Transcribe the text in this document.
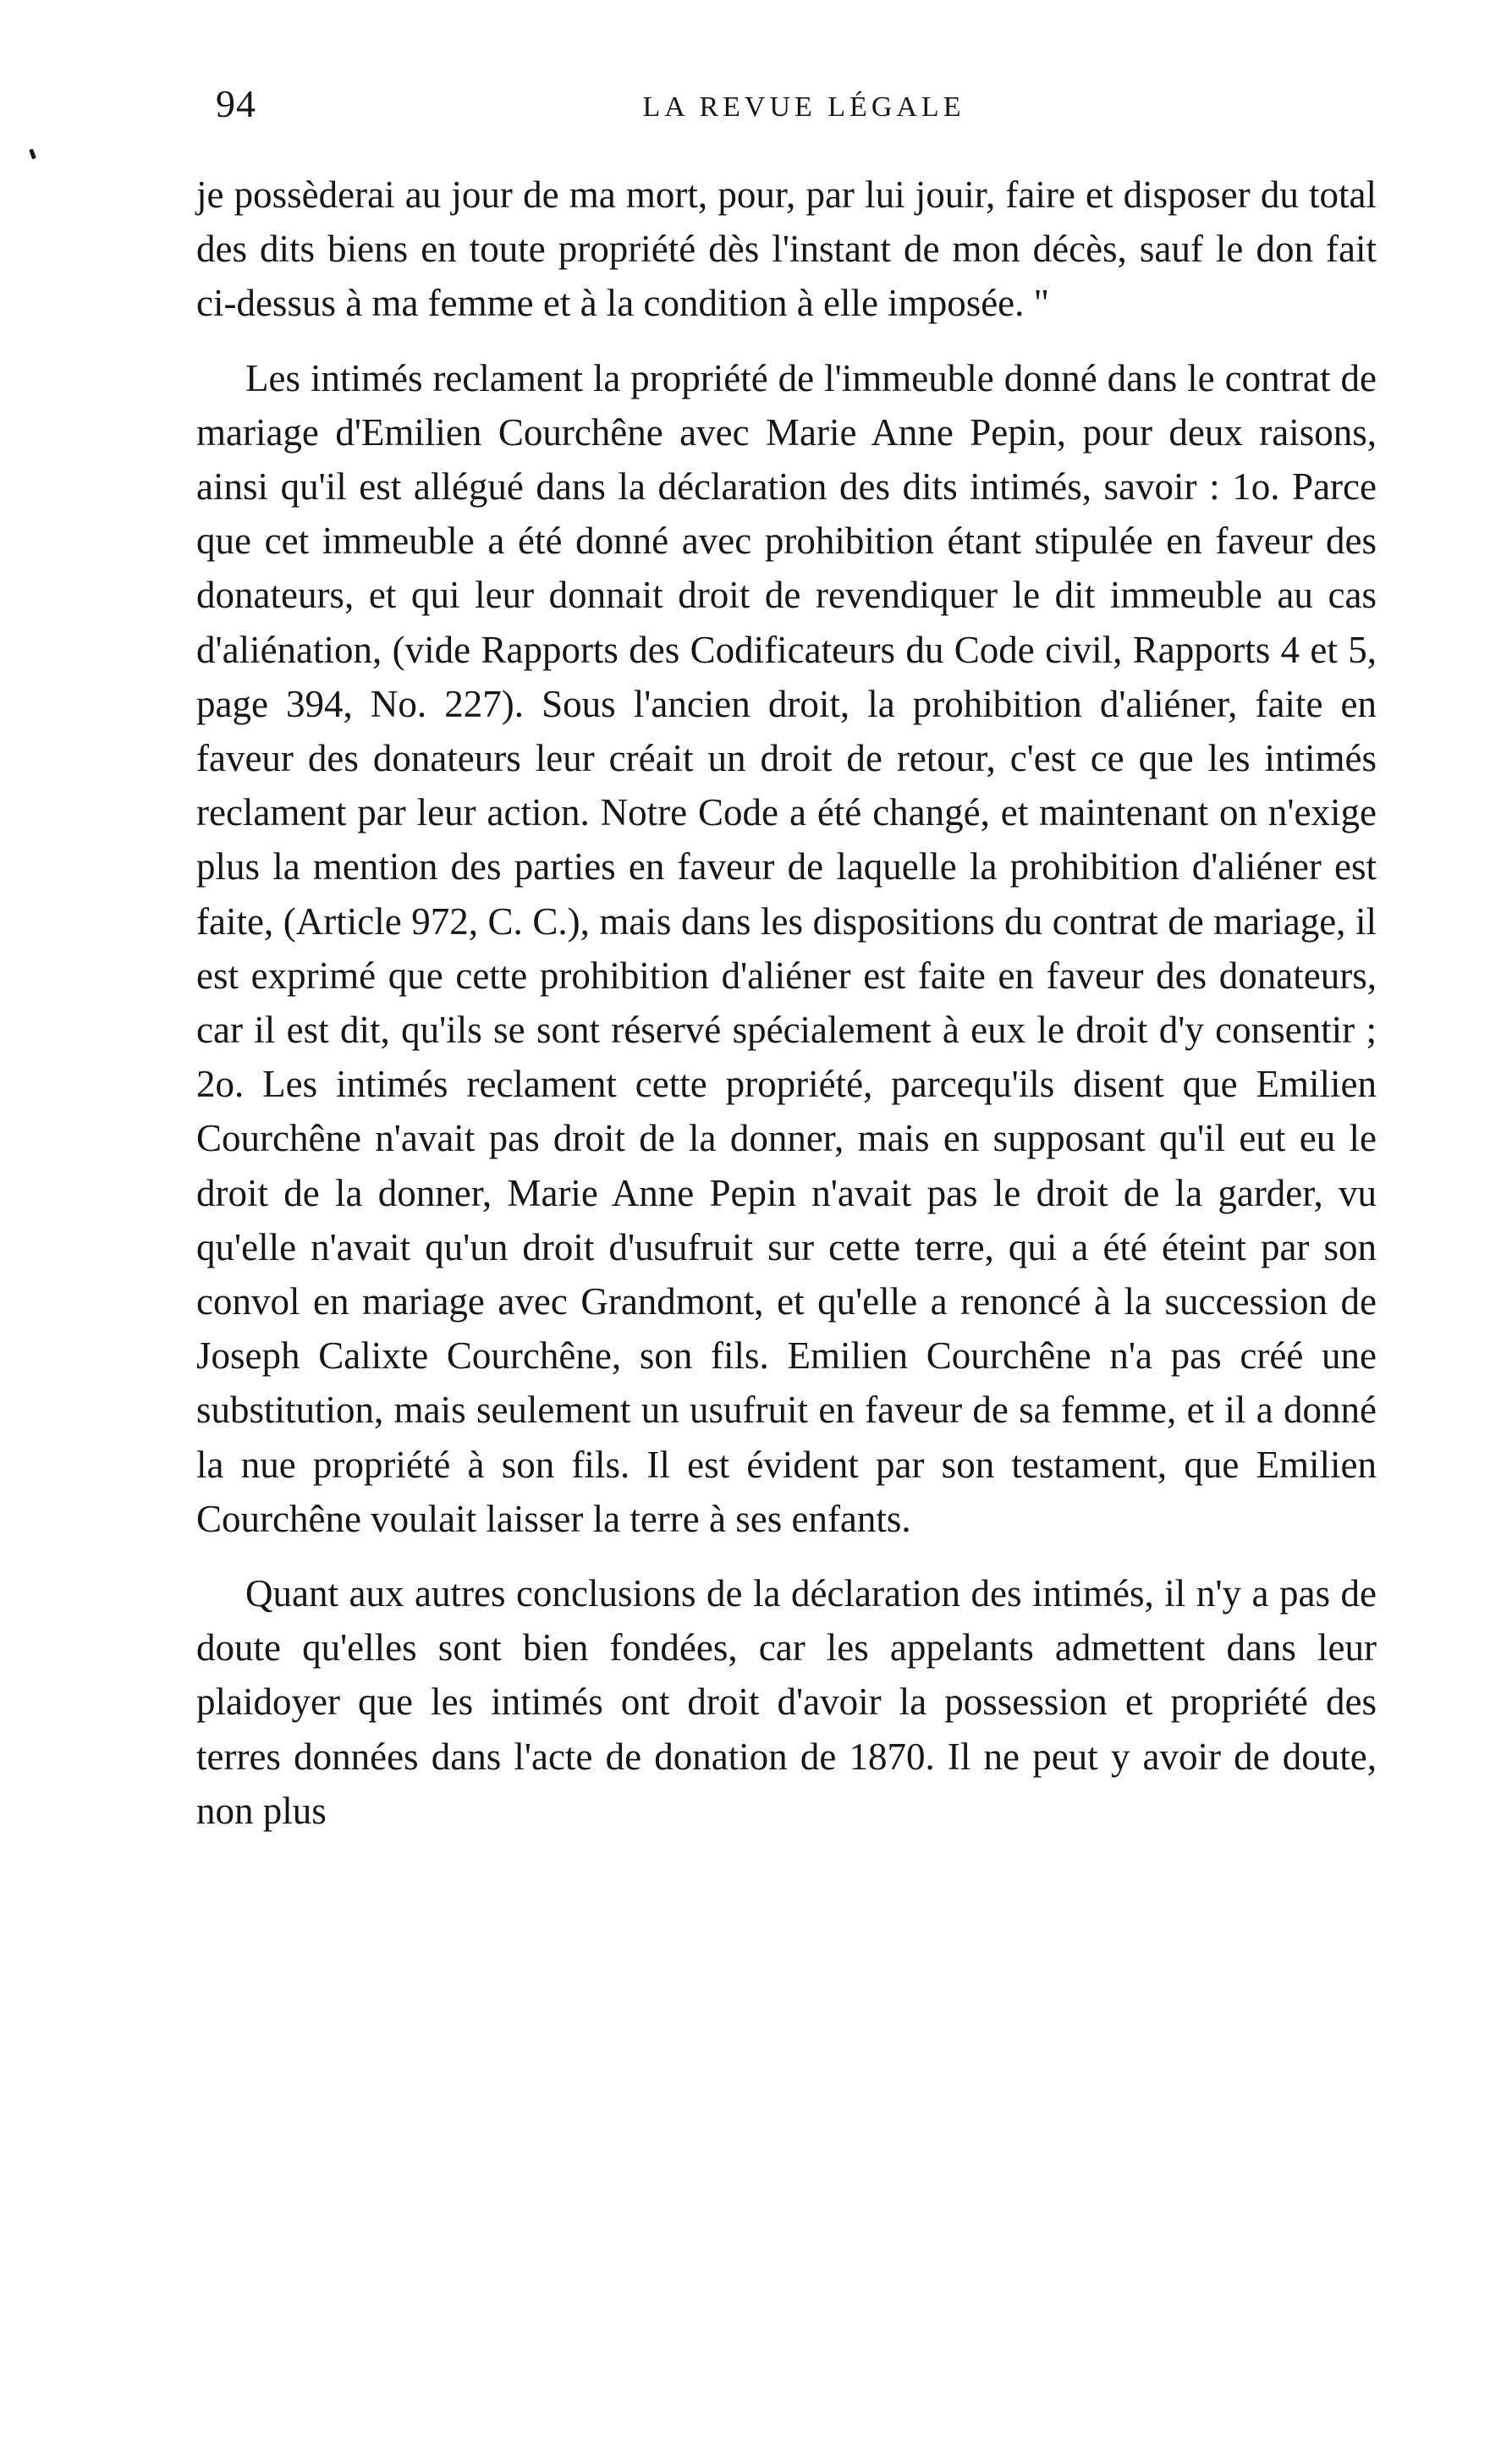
94	LA REVUE LÉGALE

je possèderai au jour de ma mort, pour, par lui jouir, faire et disposer du total des dits biens en toute propriété dès l'instant de mon décès, sauf le don fait ci-dessus à ma femme et à la condition à elle imposée. "

Les intimés reclament la propriété de l'immeuble donné dans le contrat de mariage d'Emilien Courchêne avec Marie Anne Pepin, pour deux raisons, ainsi qu'il est allégué dans la déclaration des dits intimés, savoir : 1o. Parce que cet immeuble a été donné avec prohibition étant stipulée en faveur des donateurs, et qui leur donnait droit de revendiquer le dit immeuble au cas d'aliénation, (vide Rapports des Codificateurs du Code civil, Rapports 4 et 5, page 394, No. 227). Sous l'ancien droit, la prohibition d'aliéner, faite en faveur des donateurs leur créait un droit de retour, c'est ce que les intimés reclament par leur action. Notre Code a été changé, et maintenant on n'exige plus la mention des parties en faveur de laquelle la prohibition d'aliéner est faite, (Article 972, C. C.), mais dans les dispositions du contrat de mariage, il est exprimé que cette prohibition d'aliéner est faite en faveur des donateurs, car il est dit, qu'ils se sont réservé spécialement à eux le droit d'y consentir ; 2o. Les intimés reclament cette propriété, parcequ'ils disent que Emilien Courchêne n'avait pas droit de la donner, mais en supposant qu'il eut eu le droit de la donner, Marie Anne Pepin n'avait pas le droit de la garder, vu qu'elle n'avait qu'un droit d'usufruit sur cette terre, qui a été éteint par son convol en mariage avec Grandmont, et qu'elle a renoncé à la succession de Joseph Calixte Courchêne, son fils. Emilien Courchêne n'a pas créé une substitution, mais seulement un usufruit en faveur de sa femme, et il a donné la nue propriété à son fils. Il est évident par son testament, que Emilien Courchêne voulait laisser la terre à ses enfants.

Quant aux autres conclusions de la déclaration des intimés, il n'y a pas de doute qu'elles sont bien fondées, car les appelants admettent dans leur plaidoyer que les intimés ont droit d'avoir la possession et propriété des terres données dans l'acte de donation de 1870. Il ne peut y avoir de doute, non plus
